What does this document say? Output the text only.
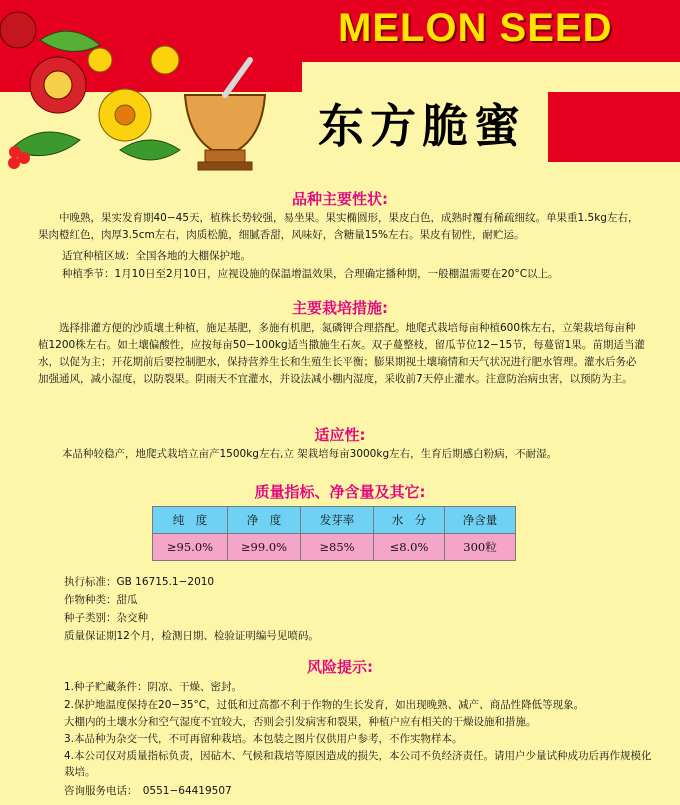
MELON SEED
东方脆蜜
品种主要性状:
中晚熟，果实发育期40−45天，植株长势较强，易坐果。果实椭圆形，果皮白色，成熟时覆有稀疏细纹。单果重1.5kg左右，果肉橙红色，肉厚3.5cm左右，肉质松脆，细腻香甜，风味好，含糖量15%左右。果皮有韧性，耐贮运。
适宜种植区域：全国各地的大棚保护地。
种植季节：1月10日至2月10日，应视设施的保温增温效果，合理确定播种期，一般棚温需要在20°C以上。
主要栽培措施:
选择排灌方便的沙质壤土种植，施足基肥，多施有机肥，氮磷钾合理搭配。地爬式栽培每亩种植600株左右，立架栽培每亩种植1200株左右。如土壤偏酸性，应按每亩50−100kg适当撒施生石灰。双子蔓整枝，留瓜节位12−15节，每蔓留1果。苗期适当灌水，以促为主；开花期前后要控制肥水，保持营养生长和生殖生长平衡；膨果期视土壤墒情和天气状况进行肥水管理。灌水后务必加强通风，减小湿度，以防裂果。阴雨天不宜灌水，并设法减小棚内湿度，采收前7天停止灌水。注意防治病虫害，以预防为主。
适应性:
本品种较稳产，地爬式栽培立亩产1500kg左右,立 架栽培每亩3000kg左右，生育后期感白粉病，不耐湿。
质量指标、净含量及其它:
纯　度	净　度	发芽率	水　分	净含量
≥95.0%	≥99.0%	≥85%	≤8.0%	300粒
执行标准：GB 16715.1−2010
作物种类：甜瓜
种子类别：杂交种
质量保证期12个月，检测日期、检验证明编号见喷码。
风险提示:
1.种子贮藏条件：阴凉、干燥、密封。
2.保护地温度保持在20−35°C，过低和过高都不利于作物的生长发育，如出现晚熟、减产、商品性降低等现象。
大棚内的土壤水分和空气湿度不宜较大，否则会引发病害和裂果，种植户应有相关的干燥设施和措施。
3.本品种为杂交一代，不可再留种栽培。本包装之图片仅供用户参考，不作实物样本。
4.本公司仅对质量指标负责，因砧木、气候和栽培等原因造成的损失，本公司不负经济责任。请用户少量试种成功后再作规模化栽培。
咨询服务电话：　0551−64419507
